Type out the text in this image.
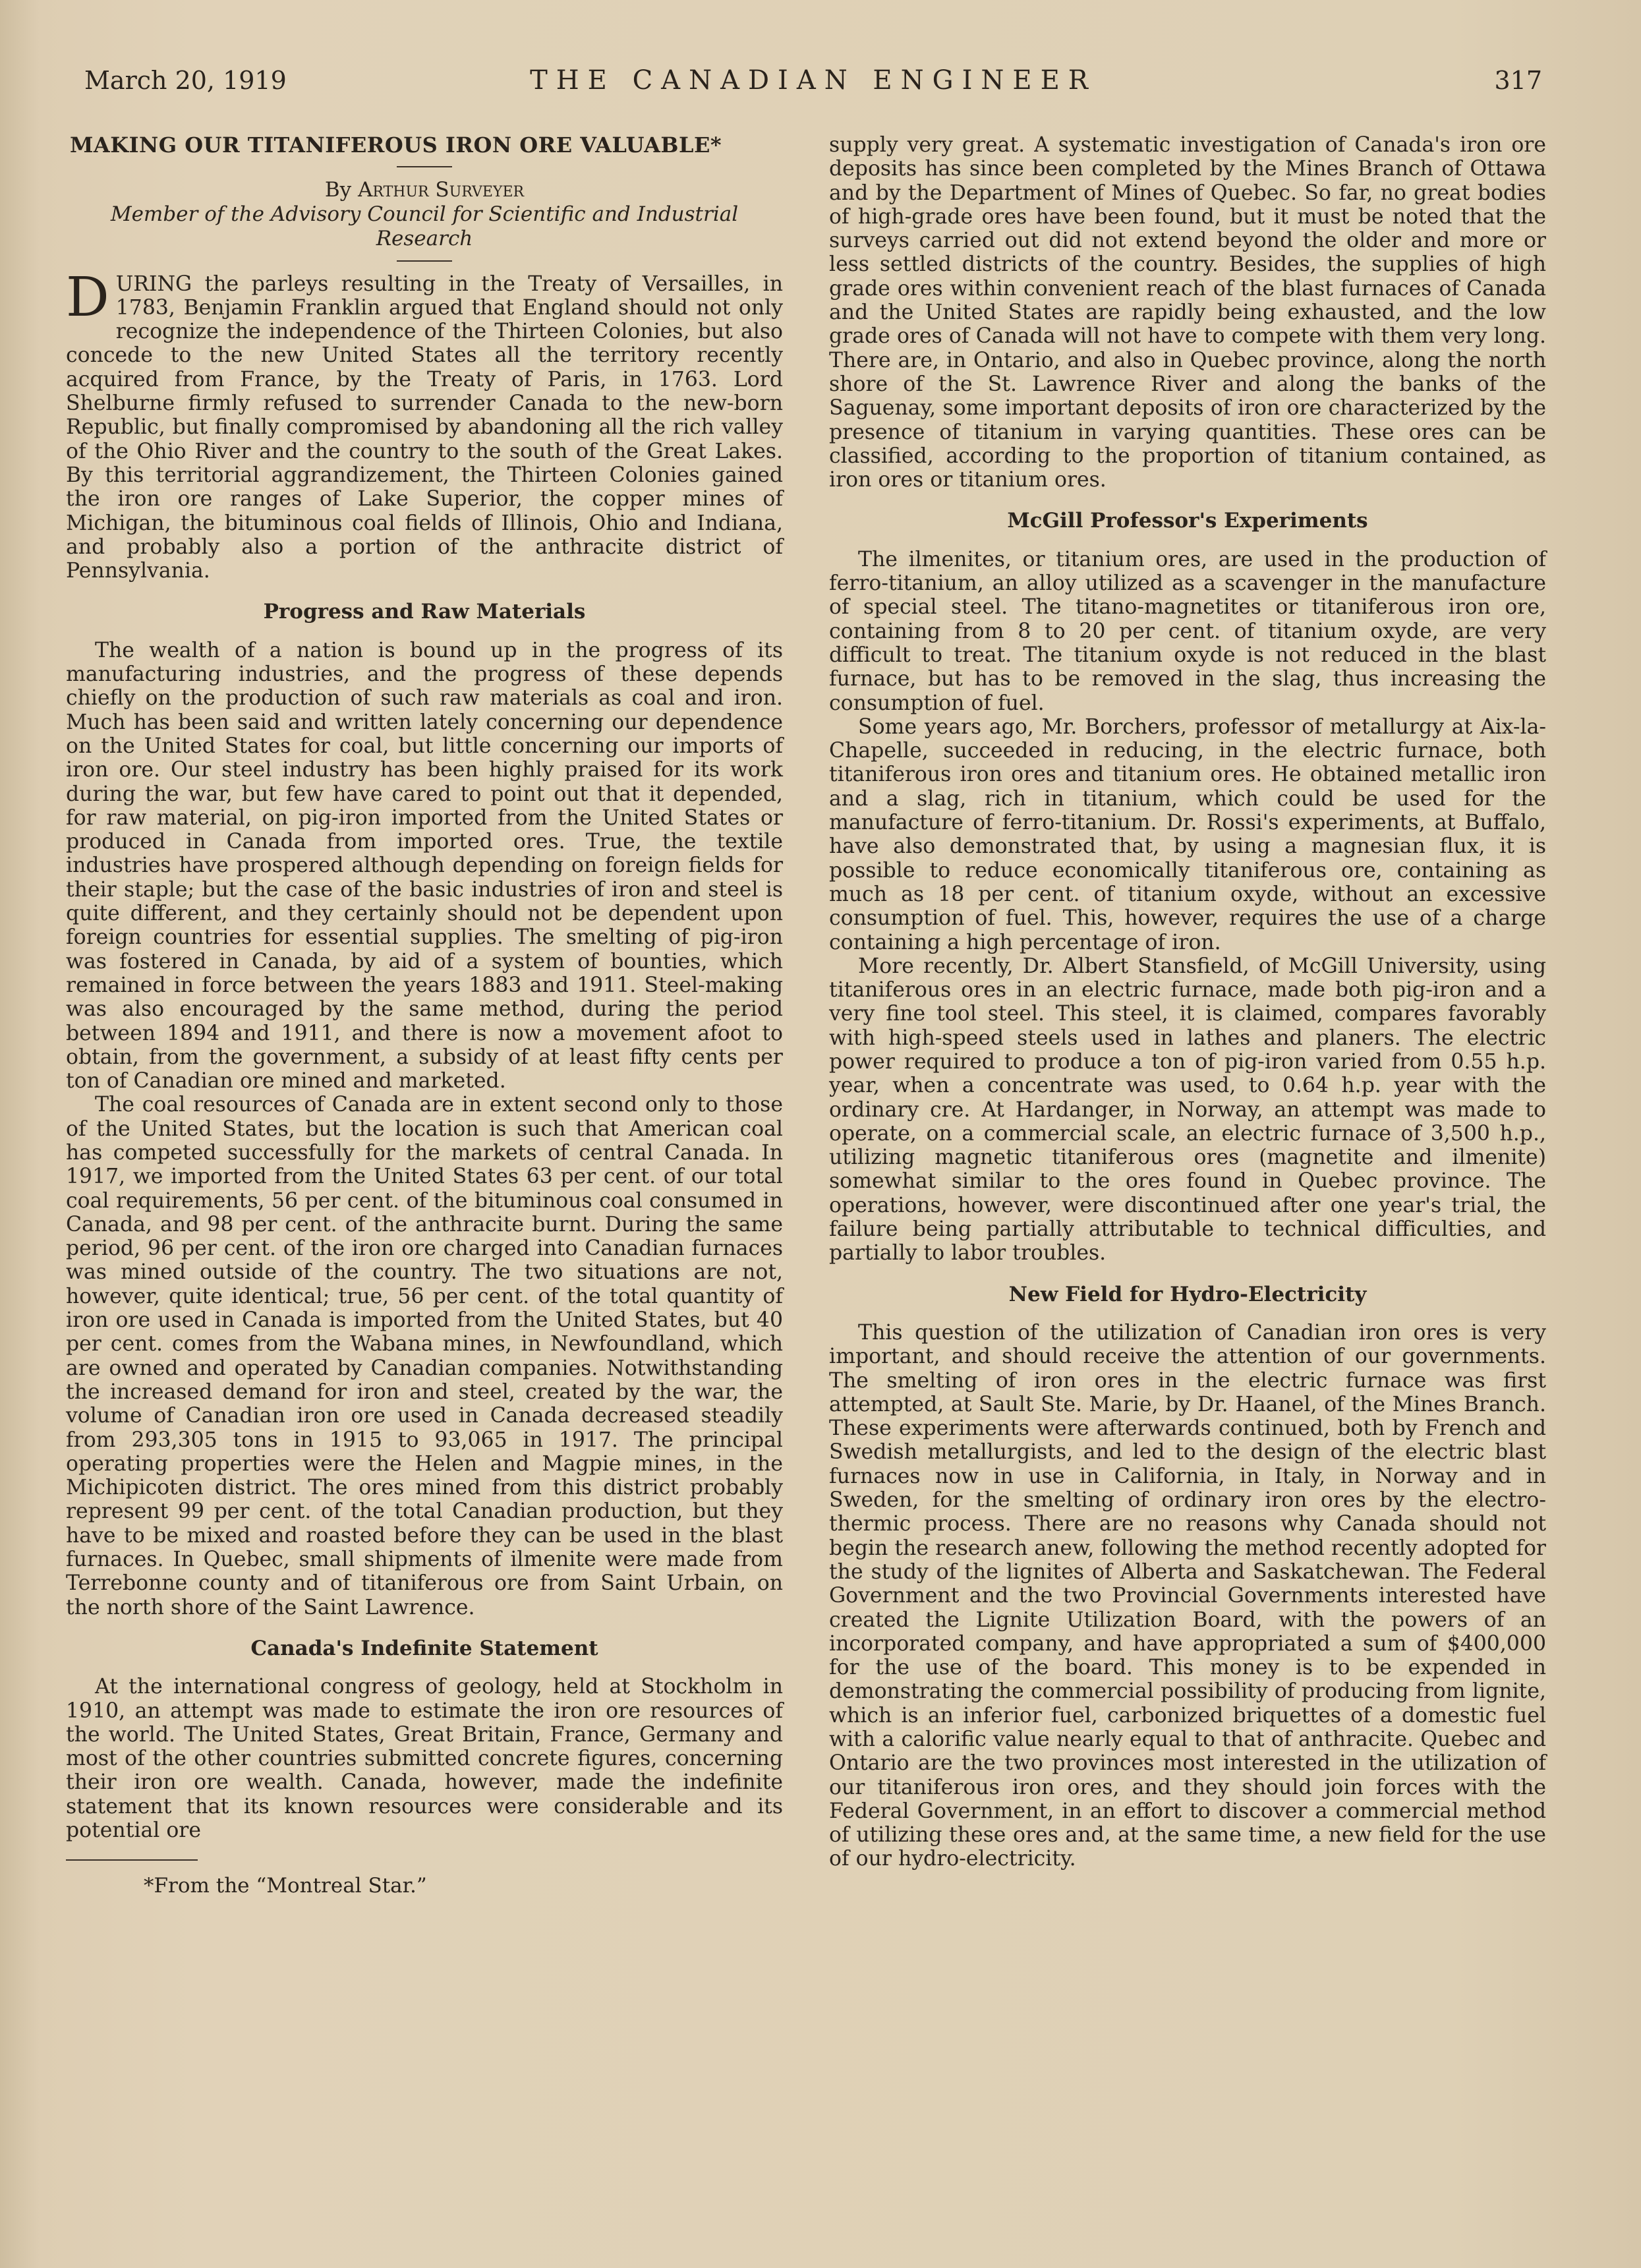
March 20, 1919	THE CANADIAN ENGINEER	317
MAKING OUR TITANIFEROUS IRON ORE VALUABLE*

By Arthur Surveyer

Member of the Advisory Council for Scientific and Industrial Research

DURING the parleys resulting in the Treaty of Versailles, in 1783, Benjamin Franklin argued that England should not only recognize the independence of the Thirteen Colonies, but also concede to the new United States all the territory recently acquired from France, by the Treaty of Paris, in 1763. Lord Shelburne firmly refused to surrender Canada to the new-born Republic, but finally compromised by abandoning all the rich valley of the Ohio River and the country to the south of the Great Lakes. By this territorial aggrandizement, the Thirteen Colonies gained the iron ore ranges of Lake Superior, the copper mines of Michigan, the bituminous coal fields of Illinois, Ohio and Indiana, and probably also a portion of the anthracite district of Pennsylvania.

Progress and Raw Materials

The wealth of a nation is bound up in the progress of its manufacturing industries, and the progress of these depends chiefly on the production of such raw materials as coal and iron. Much has been said and written lately concerning our dependence on the United States for coal, but little concerning our imports of iron ore. Our steel industry has been highly praised for its work during the war, but few have cared to point out that it depended, for raw material, on pig-iron imported from the United States or produced in Canada from imported ores. True, the textile industries have prospered although depending on foreign fields for their staple; but the case of the basic industries of iron and steel is quite different, and they certainly should not be dependent upon foreign countries for essential supplies. The smelting of pig-iron was fostered in Canada, by aid of a system of bounties, which remained in force between the years 1883 and 1911. Steel-making was also encouraged by the same method, during the period between 1894 and 1911, and there is now a movement afoot to obtain, from the government, a subsidy of at least fifty cents per ton of Canadian ore mined and marketed.

The coal resources of Canada are in extent second only to those of the United States, but the location is such that American coal has competed successfully for the markets of central Canada. In 1917, we imported from the United States 63 per cent. of our total coal requirements, 56 per cent. of the bituminous coal consumed in Canada, and 98 per cent. of the anthracite burnt. During the same period, 96 per cent. of the iron ore charged into Canadian furnaces was mined outside of the country. The two situations are not, however, quite identical; true, 56 per cent. of the total quantity of iron ore used in Canada is imported from the United States, but 40 per cent. comes from the Wabana mines, in Newfoundland, which are owned and operated by Canadian companies. Notwithstanding the increased demand for iron and steel, created by the war, the volume of Canadian iron ore used in Canada decreased steadily from 293,305 tons in 1915 to 93,065 in 1917. The principal operating properties were the Helen and Magpie mines, in the Michipicoten district. The ores mined from this district probably represent 99 per cent. of the total Canadian production, but they have to be mixed and roasted before they can be used in the blast furnaces. In Quebec, small shipments of ilmenite were made from Terrebonne county and of titaniferous ore from Saint Urbain, on the north shore of the Saint Lawrence.

Canada's Indefinite Statement

At the international congress of geology, held at Stockholm in 1910, an attempt was made to estimate the iron ore resources of the world. The United States, Great Britain, France, Germany and most of the other countries submitted concrete figures, concerning their iron ore wealth. Canada, however, made the indefinite statement that its known resources were considerable and its potential ore

*From the “Montreal Star.”

supply very great. A systematic investigation of Canada's iron ore deposits has since been completed by the Mines Branch of Ottawa and by the Department of Mines of Quebec. So far, no great bodies of high-grade ores have been found, but it must be noted that the surveys carried out did not extend beyond the older and more or less settled districts of the country. Besides, the supplies of high grade ores within convenient reach of the blast furnaces of Canada and the United States are rapidly being exhausted, and the low grade ores of Canada will not have to compete with them very long. There are, in Ontario, and also in Quebec province, along the north shore of the St. Lawrence River and along the banks of the Saguenay, some important deposits of iron ore characterized by the presence of titanium in varying quantities. These ores can be classified, according to the proportion of titanium contained, as iron ores or titanium ores.

McGill Professor's Experiments

The ilmenites, or titanium ores, are used in the production of ferro-titanium, an alloy utilized as a scavenger in the manufacture of special steel. The titano-magnetites or titaniferous iron ore, containing from 8 to 20 per cent. of titanium oxyde, are very difficult to treat. The titanium oxyde is not reduced in the blast furnace, but has to be removed in the slag, thus increasing the consumption of fuel.

Some years ago, Mr. Borchers, professor of metallurgy at Aix-la-Chapelle, succeeded in reducing, in the electric furnace, both titaniferous iron ores and titanium ores. He obtained metallic iron and a slag, rich in titanium, which could be used for the manufacture of ferro-titanium. Dr. Rossi's experiments, at Buffalo, have also demonstrated that, by using a magnesian flux, it is possible to reduce economically titaniferous ore, containing as much as 18 per cent. of titanium oxyde, without an excessive consumption of fuel. This, however, requires the use of a charge containing a high percentage of iron.

More recently, Dr. Albert Stansfield, of McGill University, using titaniferous ores in an electric furnace, made both pig-iron and a very fine tool steel. This steel, it is claimed, compares favorably with high-speed steels used in lathes and planers. The electric power required to produce a ton of pig-iron varied from 0.55 h.p. year, when a concentrate was used, to 0.64 h.p. year with the ordinary cre. At Hardanger, in Norway, an attempt was made to operate, on a commercial scale, an electric furnace of 3,500 h.p., utilizing magnetic titaniferous ores (magnetite and ilmenite) somewhat similar to the ores found in Quebec province. The operations, however, were discontinued after one year's trial, the failure being partially attributable to technical difficulties, and partially to labor troubles.

New Field for Hydro-Electricity

This question of the utilization of Canadian iron ores is very important, and should receive the attention of our governments. The smelting of iron ores in the electric furnace was first attempted, at Sault Ste. Marie, by Dr. Haanel, of the Mines Branch. These experiments were afterwards continued, both by French and Swedish metallurgists, and led to the design of the electric blast furnaces now in use in California, in Italy, in Norway and in Sweden, for the smelting of ordinary iron ores by the electro-thermic process. There are no reasons why Canada should not begin the research anew, following the method recently adopted for the study of the lignites of Alberta and Saskatchewan. The Federal Government and the two Provincial Governments interested have created the Lignite Utilization Board, with the powers of an incorporated company, and have appropriated a sum of $400,000 for the use of the board. This money is to be expended in demonstrating the commercial possibility of producing from lignite, which is an inferior fuel, carbonized briquettes of a domestic fuel with a calorific value nearly equal to that of anthracite. Quebec and Ontario are the two provinces most interested in the utilization of our titaniferous iron ores, and they should join forces with the Federal Government, in an effort to discover a commercial method of utilizing these ores and, at the same time, a new field for the use of our hydro-electricity.
